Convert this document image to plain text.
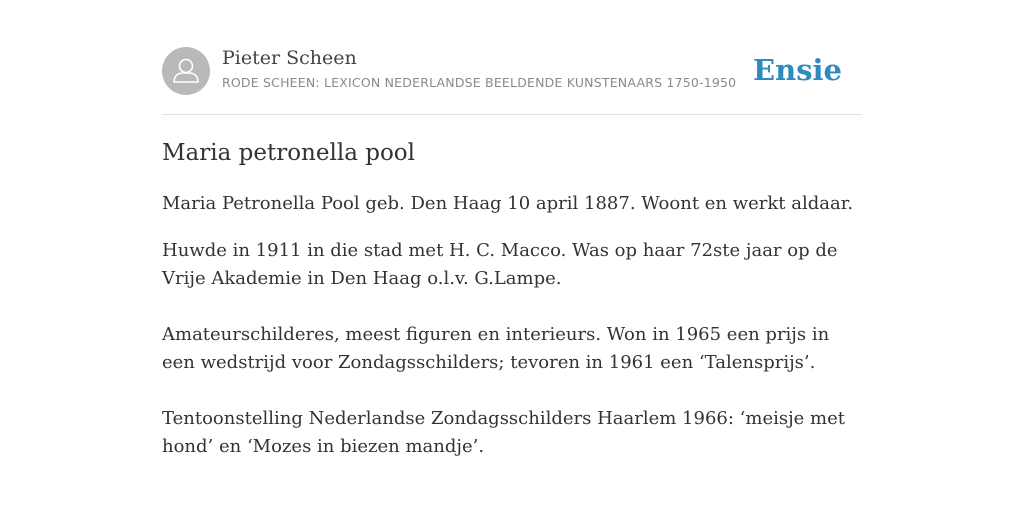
Pieter Scheen
RODE SCHEEN: LEXICON NEDERLANDSE BEELDENDE KUNSTENAARS 1750-1950 Ensie
Maria petronella pool

Maria Petronella Pool geb. Den Haag 10 april 1887. Woont en werkt aldaar.

Huwde in 1911 in die stad met H. C. Macco. Was op haar 72ste jaar op de Vrije Akademie in Den Haag o.l.v. G.Lampe.

Amateurschilderes, meest figuren en interieurs. Won in 1965 een prijs in een wedstrijd voor Zondagsschilders; tevoren in 1961 een ‘Talensprijs’.

Tentoonstelling Nederlandse Zondagsschilders Haarlem 1966: ‘meisje met hond’ en ‘Mozes in biezen mandje’.
